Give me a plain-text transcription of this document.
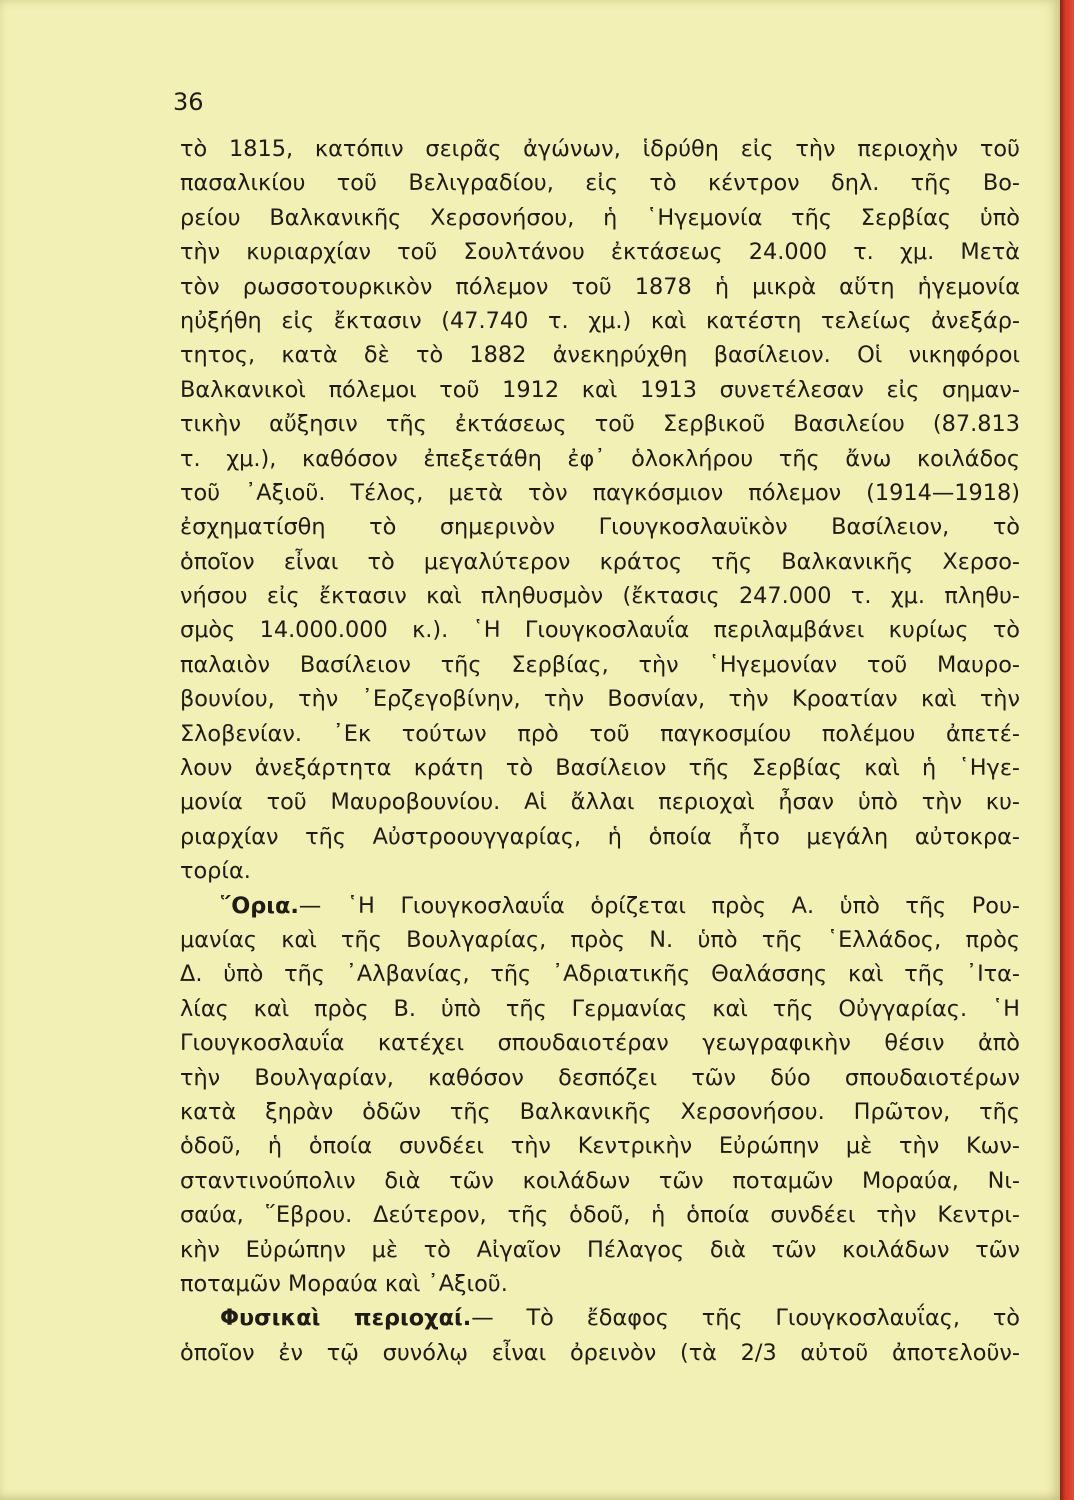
36
τὸ 1815, κατόπιν σειρᾶς ἀγώνων, ἱδρύθη εἰς τὴν περιοχὴν τοῦ
πασαλικίου τοῦ Βελιγραδίου, εἰς τὸ κέντρον δηλ. τῆς Βο-
ρείου Βαλκανικῆς Χερσονήσου, ἡ ῾Ηγεμονία τῆς Σερβίας ὑπὸ
τὴν κυριαρχίαν τοῦ Σουλτάνου ἐκτάσεως 24.000 τ. χμ. Μετὰ
τὸν ρωσσοτουρκικὸν πόλεμον τοῦ 1878 ἡ μικρὰ αὕτη ἡγεμονία
ηὐξήθη εἰς ἔκτασιν (47.740 τ. χμ.) καὶ κατέστη τελείως ἀνεξάρ-
τητος, κατὰ δὲ τὸ 1882 ἀνεκηρύχθη βασίλειον. Οἱ νικηφόροι
Βαλκανικοὶ πόλεμοι τοῦ 1912 καὶ 1913 συνετέλεσαν εἰς σημαν-
τικὴν αὔξησιν τῆς ἐκτάσεως τοῦ Σερβικοῦ Βασιλείου (87.813
τ. χμ.), καθόσον ἐπεξετάθη ἐφ᾽ ὁλοκλήρου τῆς ἄνω κοιλάδος
τοῦ ᾽Αξιοῦ. Τέλος, μετὰ τὸν παγκόσμιον πόλεμον (1914—1918)
ἐσχηματίσθη τὸ σημερινὸν Γιουγκοσλαυϊκὸν Βασίλειον, τὸ
ὁποῖον εἶναι τὸ μεγαλύτερον κράτος τῆς Βαλκανικῆς Χερσο-
νήσου εἰς ἔκτασιν καὶ πληθυσμὸν (ἔκτασις 247.000 τ. χμ. πληθυ-
σμὸς 14.000.000 κ.). ῾Η Γιουγκοσλαυΐα περιλαμβάνει κυρίως τὸ
παλαιὸν Βασίλειον τῆς Σερβίας, τὴν ῾Ηγεμονίαν τοῦ Μαυρο-
βουνίου, τὴν ᾽Ερζεγοβίνην, τὴν Βοσνίαν, τὴν Κροατίαν καὶ τὴν
Σλοβενίαν. ᾽Εκ τούτων πρὸ τοῦ παγκοσμίου πολέμου ἀπετέ-
λουν ἀνεξάρτητα κράτη τὸ Βασίλειον τῆς Σερβίας καὶ ἡ ῾Ηγε-
μονία τοῦ Μαυροβουνίου. Αἱ ἄλλαι περιοχαὶ ἦσαν ὑπὸ τὴν κυ-
ριαρχίαν τῆς Αὐστροουγγαρίας, ἡ ὁποία ἦτο μεγάλη αὐτοκρα-
τορία.
῞Ορια.— ῾Η Γιουγκοσλαυΐα ὁρίζεται πρὸς Α. ὑπὸ τῆς Ρου-
μανίας καὶ τῆς Βουλγαρίας, πρὸς Ν. ὑπὸ τῆς ῾Ελλάδος, πρὸς
Δ. ὑπὸ τῆς ᾽Αλβανίας, τῆς ᾽Αδριατικῆς Θαλάσσης καὶ τῆς ᾽Ιτα-
λίας καὶ πρὸς Β. ὑπὸ τῆς Γερμανίας καὶ τῆς Οὐγγαρίας. ῾Η
Γιουγκοσλαυΐα κατέχει σπουδαιοτέραν γεωγραφικὴν θέσιν ἀπὸ
τὴν Βουλγαρίαν, καθόσον δεσπόζει τῶν δύο σπουδαιοτέρων
κατὰ ξηρὰν ὁδῶν τῆς Βαλκανικῆς Χερσονήσου. Πρῶτον, τῆς
ὁδοῦ, ἡ ὁποία συνδέει τὴν Κεντρικὴν Εὐρώπην μὲ τὴν Κων-
σταντινούπολιν διὰ τῶν κοιλάδων τῶν ποταμῶν Μοραύα, Νι-
σαύα, ῞Εβρου. Δεύτερον, τῆς ὁδοῦ, ἡ ὁποία συνδέει τὴν Κεντρι-
κὴν Εὐρώπην μὲ τὸ Αἰγαῖον Πέλαγος διὰ τῶν κοιλάδων τῶν
ποταμῶν Μοραύα καὶ ᾽Αξιοῦ.
Φυσικαὶ περιοχαί.— Τὸ ἔδαφος τῆς Γιουγκοσλαυΐας, τὸ
ὁποῖον ἐν τῷ συνόλῳ εἶναι ὀρεινὸν (τὰ 2/3 αὐτοῦ ἀποτελοῦν-
